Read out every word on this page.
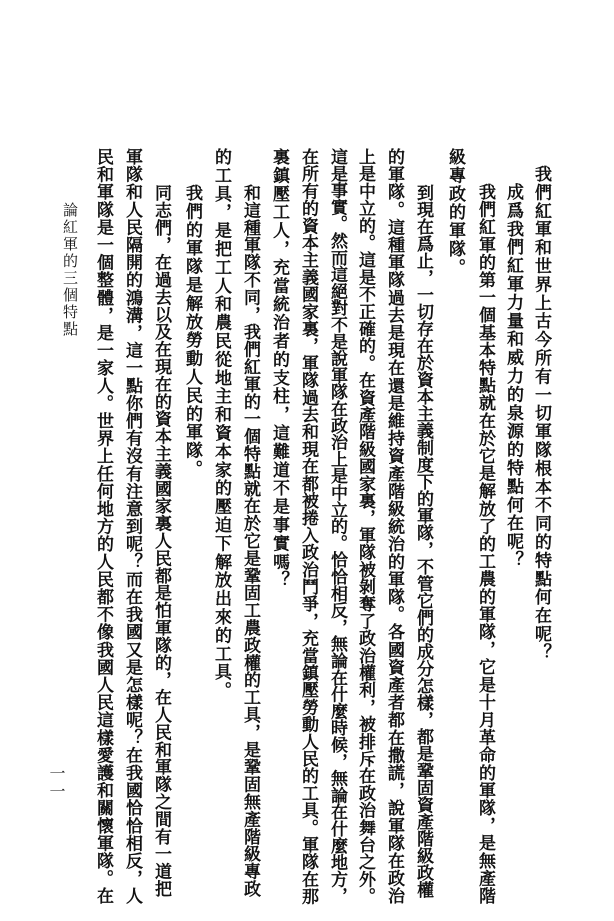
論紅軍的三個特點
一一
我們紅軍和世界上古今所有一切軍隊根本不同的特點何在呢？
成爲我們紅軍力量和威力的泉源的特點何在呢？
我們紅軍的第一個基本特點就在於它是解放了的工農的軍隊，它是十月革命的軍隊，是無產階
級專政的軍隊。
到現在爲止，一切存在於資本主義制度下的軍隊，不管它們的成分怎樣，都是鞏固資產階級政權
的軍隊。這種軍隊過去是現在還是維持資產階級統治的軍隊。各國資產者都在撒謊，說軍隊在政治
上是中立的。這是不正確的。在資產階級國家裏，軍隊被剝奪了政治權利，被排斥在政治舞台之外。
這是事實。然而這絕對不是說軍隊在政治上是中立的。恰恰相反，無論在什麼時候，無論在什麼地方，
在所有的資本主義國家裏，軍隊過去和現在都被捲入政治鬥爭，充當鎮壓勞動人民的工具。軍隊在那
裏鎮壓工人，充當統治者的支柱，這難道不是事實嗎？
和這種軍隊不同，我們紅軍的一個特點就在於它是鞏固工農政權的工具，是鞏固無產階級專政
的工具，是把工人和農民從地主和資本家的壓迫下解放出來的工具。
我們的軍隊是解放勞動人民的軍隊。
同志們，在過去以及在現在的資本主義國家裏人民都是怕軍隊的，在人民和軍隊之間有一道把
軍隊和人民隔開的鴻溝，這一點你們有沒有注意到呢？而在我國又是怎樣呢？在我國恰恰相反，人
民和軍隊是一個整體，是一家人。世界上任何地方的人民都不像我國人民這樣愛護和關懷軍隊。在
